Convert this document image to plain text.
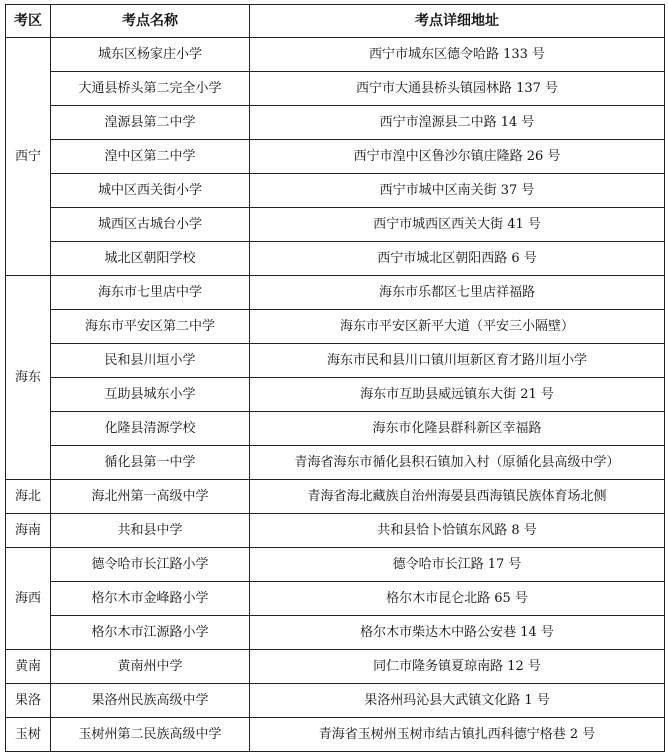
考区	考点名称	考点详细地址
西宁	城东区杨家庄小学	西宁市城东区德令哈路 133 号
	大通县桥头第二完全小学	西宁市大通县桥头镇园林路 137 号
	湟源县第二中学	西宁市湟源县二中路 14 号
	湟中区第二中学	西宁市湟中区鲁沙尔镇庄隆路 26 号
	城中区西关街小学	西宁市城中区南关街 37 号
	城西区古城台小学	西宁市城西区西关大街 41 号
	城北区朝阳学校	西宁市城北区朝阳西路 6 号
海东	海东市七里店中学	海东市乐都区七里店祥福路
	海东市平安区第二中学	海东市平安区新平大道（平安三小隔壁）
	民和县川垣小学	海东市民和县川口镇川垣新区育才路川垣小学
	互助县城东小学	海东市互助县威远镇东大街 21 号
	化隆县清源学校	海东市化隆县群科新区幸福路
	循化县第一中学	青海省海东市循化县积石镇加入村（原循化县高级中学）
海北	海北州第一高级中学	青海省海北藏族自治州海晏县西海镇民族体育场北侧
海南	共和县中学	共和县恰卜恰镇东风路 8 号
海西	德令哈市长江路小学	德令哈市长江路 17 号
	格尔木市金峰路小学	格尔木市昆仑北路 65 号
	格尔木市江源路小学	格尔木市柴达木中路公安巷 14 号
黄南	黄南州中学	同仁市隆务镇夏琼南路 12 号
果洛	果洛州民族高级中学	果洛州玛沁县大武镇文化路 1 号
玉树	玉树州第二民族高级中学	青海省玉树州玉树市结古镇扎西科德宁格巷 2 号
